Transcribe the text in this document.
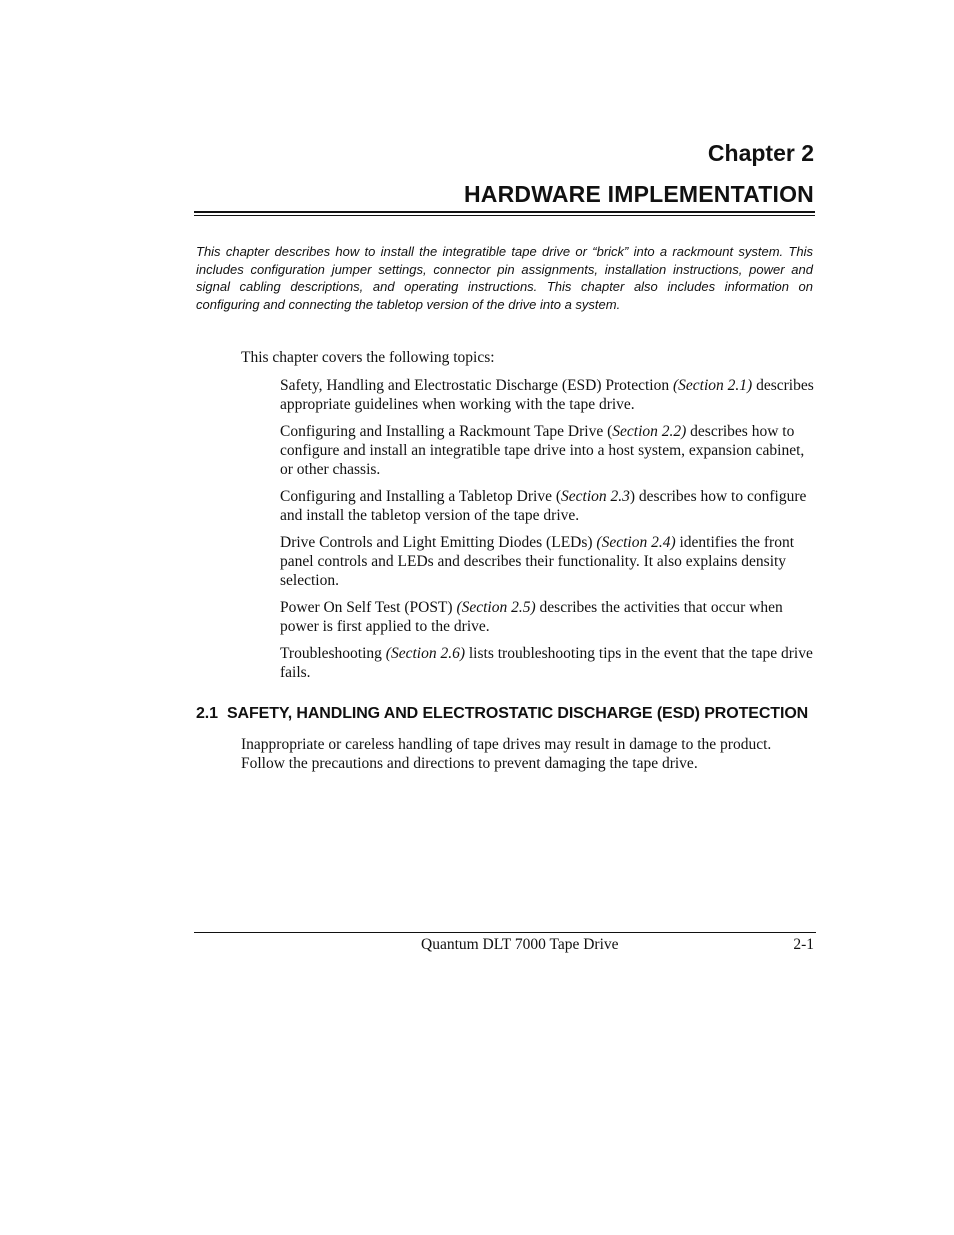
Chapter 2
HARDWARE IMPLEMENTATION

This chapter describes how to install the integratible tape drive or “brick” into a rackmount system. This includes configuration jumper settings, connector pin assignments, installation instructions, power and signal cabling descriptions, and operating instructions. This chapter also includes information on configuring and connecting the tabletop version of the drive into a system.

This chapter covers the following topics:
Safety, Handling and Electrostatic Discharge (ESD) Protection (Section 2.1) describes appropriate guidelines when working with the tape drive.
Configuring and Installing a Rackmount Tape Drive (Section 2.2) describes how to configure and install an integratible tape drive into a host system, expansion cabinet, or other chassis.
Configuring and Installing a Tabletop Drive (Section 2.3) describes how to configure and install the tabletop version of the tape drive.
Drive Controls and Light Emitting Diodes (LEDs) (Section 2.4) identifies the front panel controls and LEDs and describes their functionality. It also explains density selection.
Power On Self Test (POST) (Section 2.5) describes the activities that occur when power is first applied to the drive.
Troubleshooting (Section 2.6) lists troubleshooting tips in the event that the tape drive fails.
2.1 SAFETY, HANDLING AND ELECTROSTATIC DISCHARGE (ESD) PROTECTION

Inappropriate or careless handling of tape drives may result in damage to the product. Follow the precautions and directions to prevent damaging the tape drive.

Quantum DLT 7000 Tape Drive	2-1
